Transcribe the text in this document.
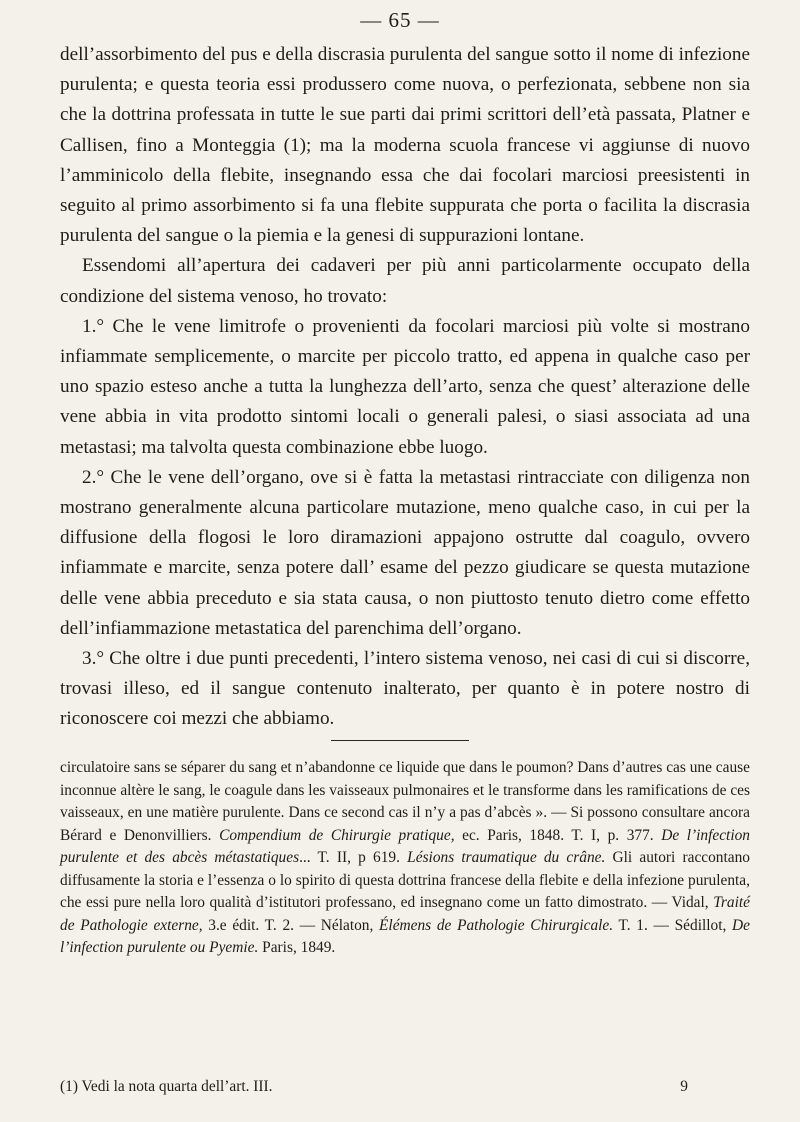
— 65 —

dell’assorbimento del pus e della discrasia purulenta del sangue sotto il nome di infezione purulenta; e questa teoria essi produssero come nuova, o perfezionata, sebbene non sia che la dottrina professata in tutte le sue parti dai primi scrittori dell’età passata, Platner e Callisen, fino a Monteggia (1); ma la moderna scuola francese vi aggiunse di nuovo l’amminicolo della flebite, insegnando essa che dai focolari marciosi preesistenti in seguito al primo assorbimento si fa una flebite suppurata che porta o facilita la discrasia purulenta del sangue o la piemia e la genesi di suppurazioni lontane.

Essendomi all’apertura dei cadaveri per più anni particolarmente occupato della condizione del sistema venoso, ho trovato:

1.° Che le vene limitrofe o provenienti da focolari marciosi più volte si mostrano infiammate semplicemente, o marcite per piccolo tratto, ed appena in qualche caso per uno spazio esteso anche a tutta la lunghezza dell’arto, senza che quest’ alterazione delle vene abbia in vita prodotto sintomi locali o generali palesi, o siasi associata ad una metastasi; ma talvolta questa combinazione ebbe luogo.

2.° Che le vene dell’organo, ove si è fatta la metastasi rintracciate con diligenza non mostrano generalmente alcuna particolare mutazione, meno qualche caso, in cui per la diffusione della flogosi le loro diramazioni appajono ostrutte dal coagulo, ovvero infiammate e marcite, senza potere dall’ esame del pezzo giudicare se questa mutazione delle vene abbia preceduto e sia stata causa, o non piuttosto tenuto dietro come effetto dell’infiammazione metastatica del parenchima dell’organo.

3.° Che oltre i due punti precedenti, l’intero sistema venoso, nei casi di cui si discorre, trovasi illeso, ed il sangue contenuto inalterato, per quanto è in potere nostro di riconoscere coi mezzi che abbiamo.

circulatoire sans se séparer du sang et n’abandonne ce liquide que dans le poumon? Dans d’autres cas une cause inconnue altère le sang, le coagule dans les vaisseaux pulmonaires et le transforme dans les ramifications de ces vaisseaux, en une matière purulente. Dans ce second cas il n’y a pas d’abcès ». — Si possono consultare ancora Bérard e Denonvilliers. Compendium de Chirurgie pratique, ec. Paris, 1848. T. I, p. 377. De l’infection purulente et des abcès métastatiques... T. II, p 619. Lésions traumatique du crâne. Gli autori raccontano diffusamente la storia e l’essenza o lo spirito di questa dottrina francese della flebite e della infezione purulenta, che essi pure nella loro qualità d’istitutori professano, ed insegnano come un fatto dimostrato. — Vidal, Traité de Pathologie externe, 3.e édit. T. 2. — Nélaton, Élémens de Pathologie Chirurgicale. T. 1. — Sédillot, De l’infection purulente ou Pyemie. Paris, 1849.

(1) Vedi la nota quarta dell’art. III.	9
